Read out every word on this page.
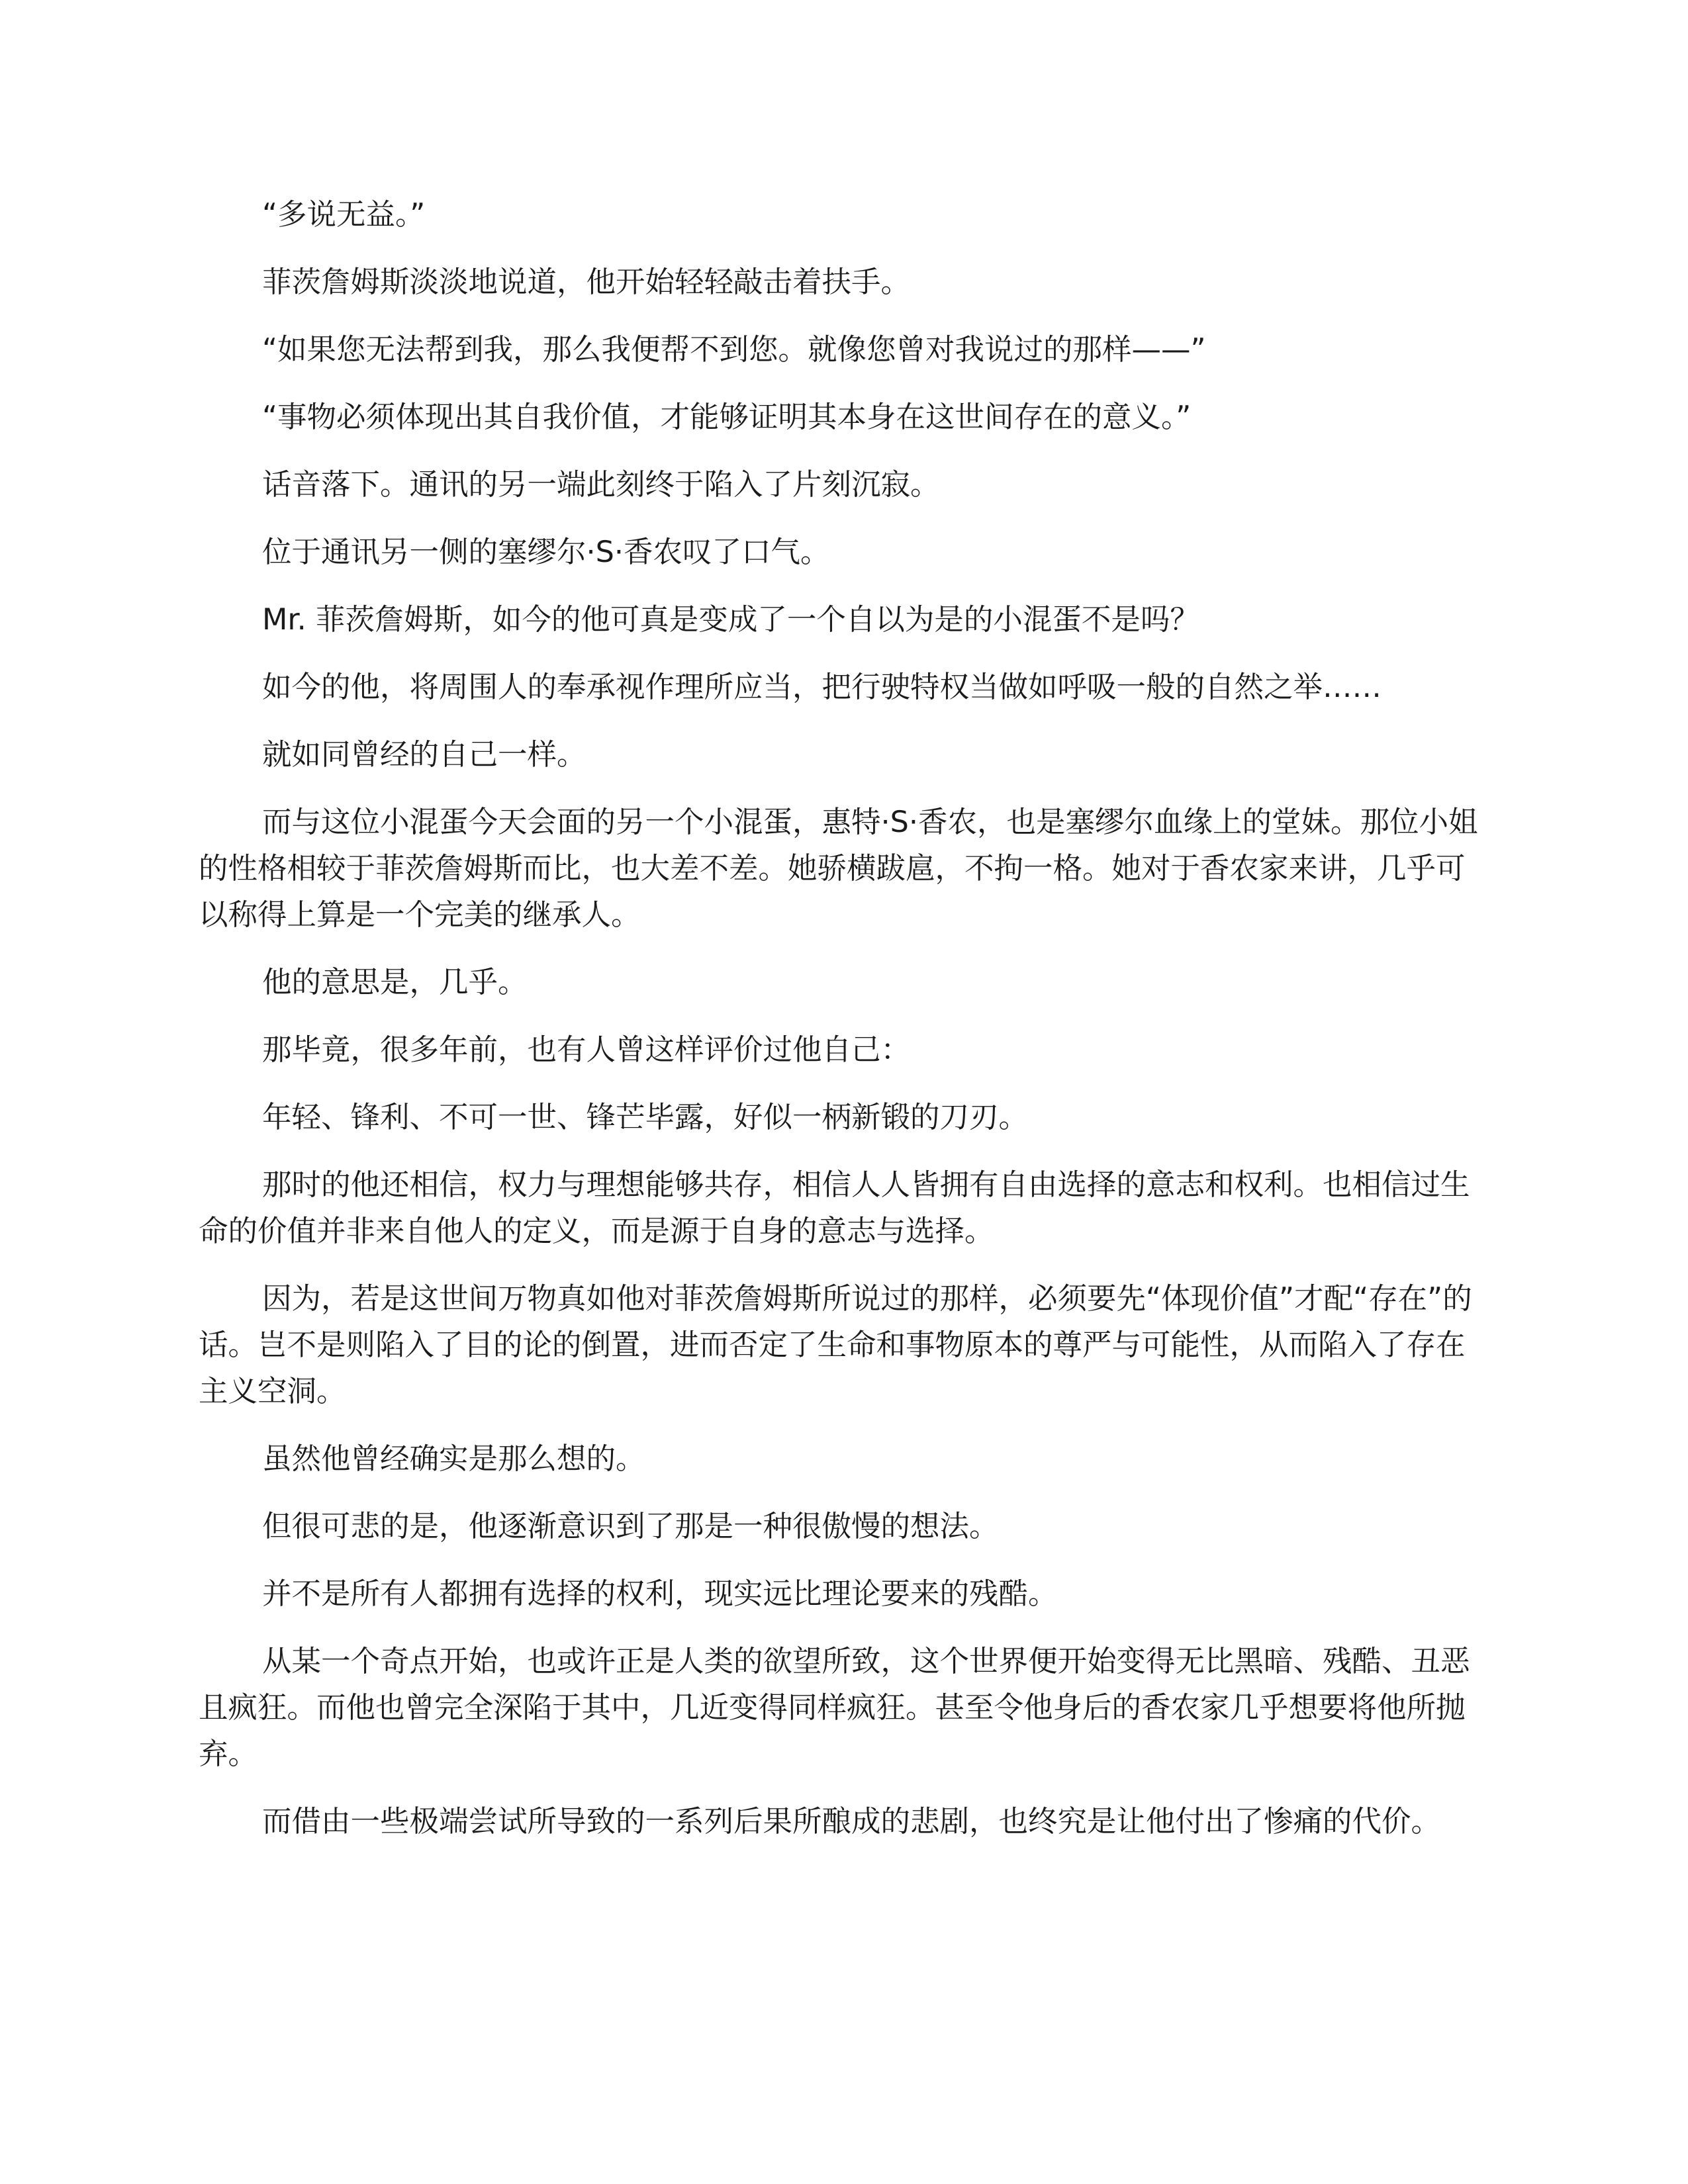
“多说无益。”

菲茨詹姆斯淡淡地说道，他开始轻轻敲击着扶手。

“如果您无法帮到我，那么我便帮不到您。就像您曾对我说过的那样——”

“事物必须体现出其自我价值，才能够证明其本身在这世间存在的意义。”

话音落下。通讯的另一端此刻终于陷入了片刻沉寂。

位于通讯另一侧的塞缪尔·S·香农叹了口气。

Mr. 菲茨詹姆斯，如今的他可真是变成了一个自以为是的小混蛋不是吗？

如今的他，将周围人的奉承视作理所应当，把行驶特权当做如呼吸一般的自然之举……

就如同曾经的自己一样。

而与这位小混蛋今天会面的另一个小混蛋，惠特·S·香农，也是塞缪尔血缘上的堂妹。那位小姐的性格相较于菲茨詹姆斯而比，也大差不差。她骄横跋扈，不拘一格。她对于香农家来讲，几乎可以称得上算是一个完美的继承人。

他的意思是，几乎。

那毕竟，很多年前，也有人曾这样评价过他自己：

年轻、锋利、不可一世、锋芒毕露，好似一柄新锻的刀刃。

那时的他还相信，权力与理想能够共存，相信人人皆拥有自由选择的意志和权利。也相信过生命的价值并非来自他人的定义，而是源于自身的意志与选择。

因为，若是这世间万物真如他对菲茨詹姆斯所说过的那样，必须要先“体现价值”才配“存在”的话。岂不是则陷入了目的论的倒置，进而否定了生命和事物原本的尊严与可能性，从而陷入了存在主义空洞。

虽然他曾经确实是那么想的。

但很可悲的是，他逐渐意识到了那是一种很傲慢的想法。

并不是所有人都拥有选择的权利，现实远比理论要来的残酷。

从某一个奇点开始，也或许正是人类的欲望所致，这个世界便开始变得无比黑暗、残酷、丑恶且疯狂。而他也曾完全深陷于其中，几近变得同样疯狂。甚至令他身后的香农家几乎想要将他所抛弃。

而借由一些极端尝试所导致的一系列后果所酿成的悲剧，也终究是让他付出了惨痛的代价。
